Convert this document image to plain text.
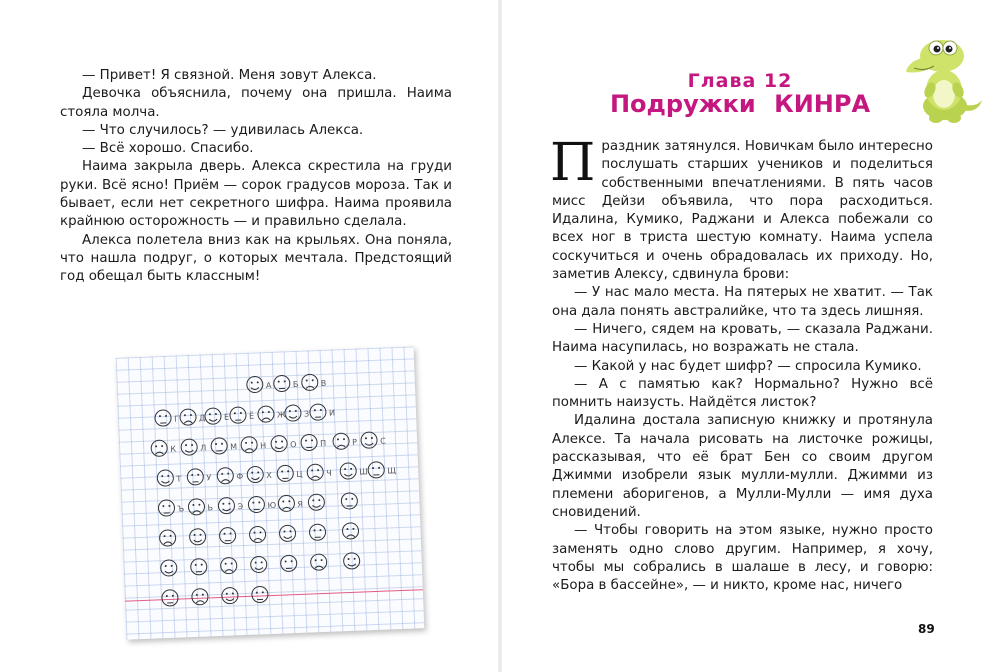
— Привет! Я связной. Меня зовут Алекса.

Девочка объяснила, почему она пришла. Наима стояла молча.

— Что случилось? — удивилась Алекса.

— Всё хорошо. Спасибо.

Наима закрыла дверь. Алекса скрестила на груди руки. Всё ясно! Приём — сорок градусов мороза. Так и бывает, если нет секретного шифра. Наима проявила крайнюю осторожность — и правильно сделала.

Алекса полетела вниз как на крыльях. Она поняла, что нашла подруг, о которых мечтала. Предстоящий год обещал быть классным!

А	Б	В
Г Д Е Ё	Ж З И
К	Л	М	Н	О	П	Р	С
Т	У	Ф	Х	Ц	Ч	Ш Щ
Ъ	Ь	Э	Ю	Я
Глава 12
Подружки КИНРА

Праздник затянулся. Новичкам было интересно послушать старших учеников и поделиться собственными впечатлениями. В пять часов мисс Дейзи объявила, что пора расходиться. Идалина, Кумико, Раджани и Алекса побежали со всех ног в триста шестую комнату. Наима успела соскучиться и очень обрадовалась их приходу. Но, заметив Алексу, сдвинула брови:

— У нас мало места. На пятерых не хватит. — Так она дала понять австралийке, что та здесь лишняя.

— Ничего, сядем на кровать, — сказала Раджани. Наима насупилась, но возражать не стала.

— Какой у нас будет шифр? — спросила Кумико.

— А с памятью как? Нормально? Нужно всё помнить наизусть. Найдётся листок?

Идалина достала записную книжку и протянула Алексе. Та начала рисовать на листочке рожицы, рассказывая, что её брат Бен со своим другом Джимми изобрели язык мулли-мулли. Джимми из племени аборигенов, а Мулли-Мулли — имя духа сновидений.

— Чтобы говорить на этом языке, нужно просто заменять одно слово другим. Например, я хочу, чтобы мы собрались в шалаше в лесу, и говорю: «Бора в бассейне», — и никто, кроме нас, ничего

89
